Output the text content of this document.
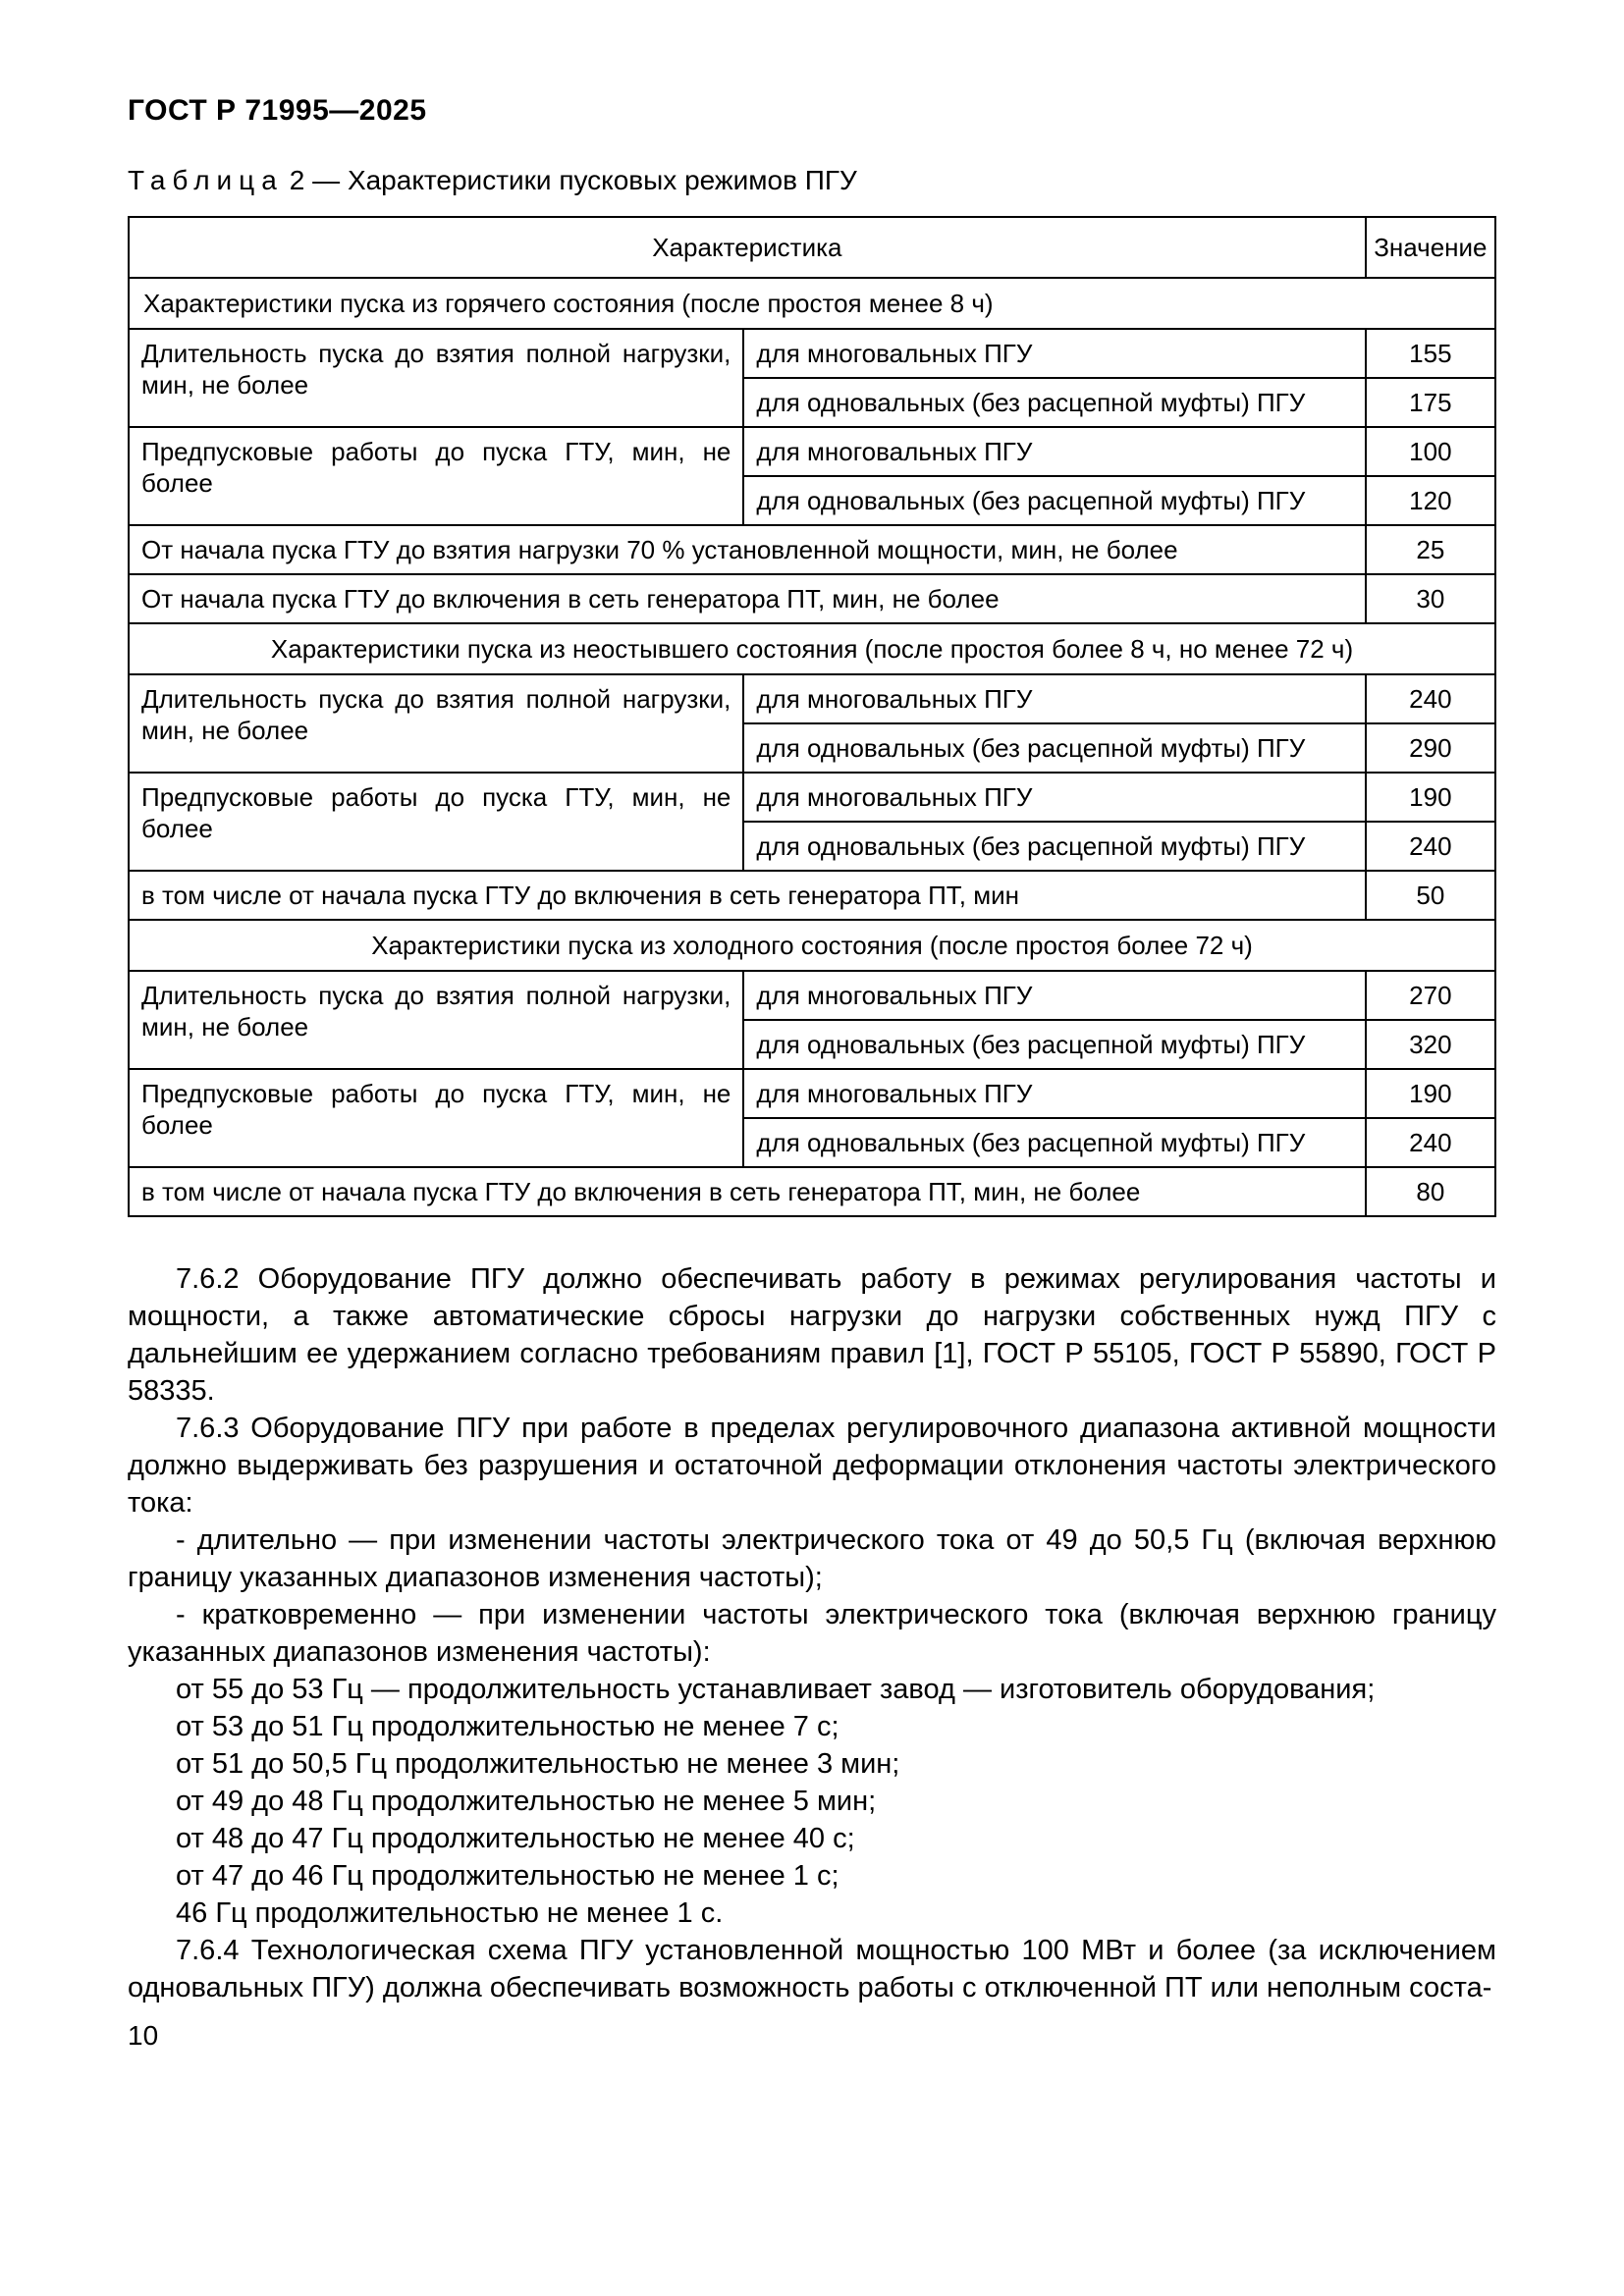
ГОСТ Р 71995—2025
Таблица 2 — Характеристики пусковых режимов ПГУ
Характеристика		Значение
Характеристики пуска из горячего состояния (после простоя менее 8 ч)		
Длительность пуска до взятия полной нагрузки, мин, не более	для многовальных ПГУ	155
	для одновальных (без расцепной муфты) ПГУ	175
Предпусковые работы до пуска ГТУ, мин, не более	для многовальных ПГУ	100
	для одновальных (без расцепной муфты) ПГУ	120
От начала пуска ГТУ до взятия нагрузки 70 % установленной мощности, мин, не более		25
От начала пуска ГТУ до включения в сеть генератора ПТ, мин, не более		30
Характеристики пуска из неостывшего состояния (после простоя более 8 ч, но менее 72 ч)		
Длительность пуска до взятия полной нагрузки, мин, не более	для многовальных ПГУ	240
	для одновальных (без расцепной муфты) ПГУ	290
Предпусковые работы до пуска ГТУ, мин, не более	для многовальных ПГУ	190
	для одновальных (без расцепной муфты) ПГУ	240
в том числе от начала пуска ГТУ до включения в сеть генератора ПТ, мин		50
Характеристики пуска из холодного состояния (после простоя более 72 ч)		
Длительность пуска до взятия полной нагрузки, мин, не более	для многовальных ПГУ	270
	для одновальных (без расцепной муфты) ПГУ	320
Предпусковые работы до пуска ГТУ, мин, не более	для многовальных ПГУ	190
	для одновальных (без расцепной муфты) ПГУ	240
в том числе от начала пуска ГТУ до включения в сеть генератора ПТ, мин, не более		80

7.6.2 Оборудование ПГУ должно обеспечивать работу в режимах регулирования частоты и мощности, а также автоматические сбросы нагрузки до нагрузки собственных нужд ПГУ с дальнейшим ее удержанием согласно требованиям правил [1], ГОСТ Р 55105, ГОСТ Р 55890, ГОСТ Р 58335.

7.6.3 Оборудование ПГУ при работе в пределах регулировочного диапазона активной мощности должно выдерживать без разрушения и остаточной деформации отклонения частоты электрического тока:

- длительно — при изменении частоты электрического тока от 49 до 50,5 Гц (включая верхнюю границу указанных диапазонов изменения частоты);

- кратковременно — при изменении частоты электрического тока (включая верхнюю границу указанных диапазонов изменения частоты):

от 55 до 53 Гц — продолжительность устанавливает завод — изготовитель оборудования;

от 53 до 51 Гц продолжительностью не менее 7 с;

от 51 до 50,5 Гц продолжительностью не менее 3 мин;

от 49 до 48 Гц продолжительностью не менее 5 мин;

от 48 до 47 Гц продолжительностью не менее 40 с;

от 47 до 46 Гц продолжительностью не менее 1 с;

46 Гц продолжительностью не менее 1 с.

7.6.4 Технологическая схема ПГУ установленной мощностью 100 МВт и более (за исключением одновальных ПГУ) должна обеспечивать возможность работы с отключенной ПТ или неполным соста-

10
